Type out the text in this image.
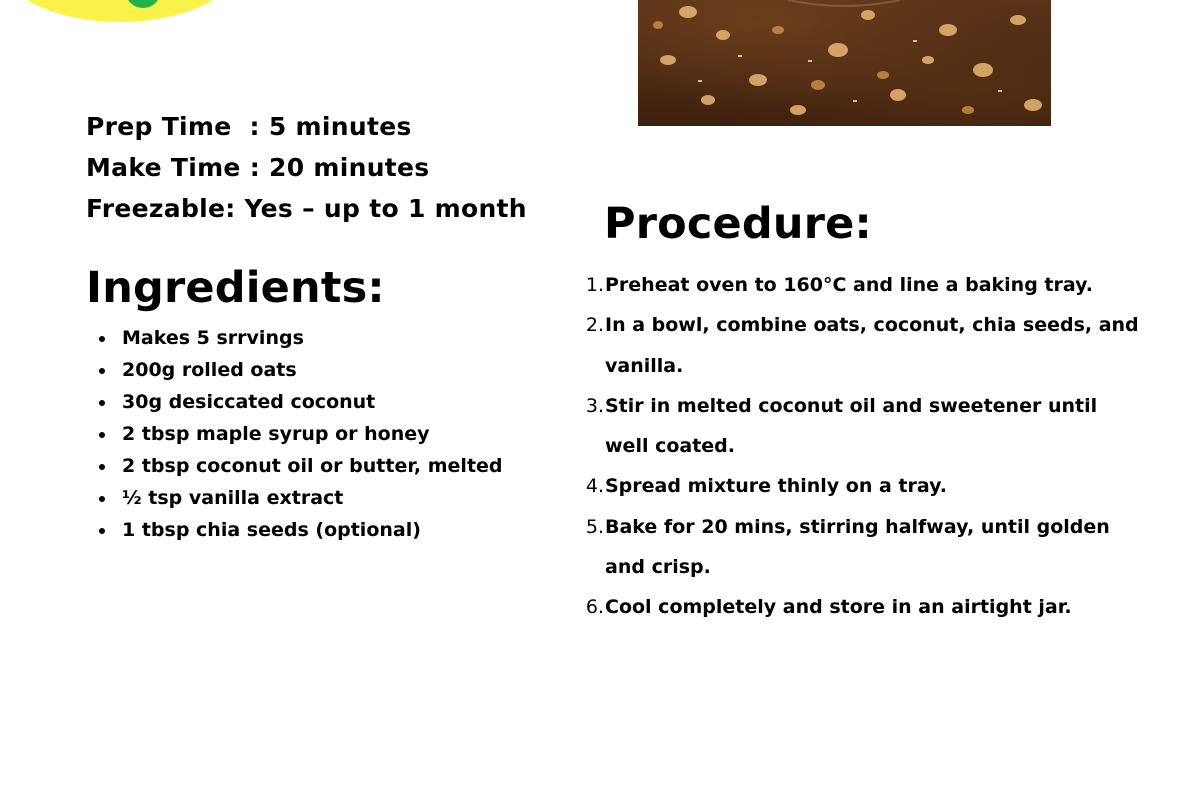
Prep Time  : 5 minutes
Make Time : 20 minutes
Freezable: Yes – up to 1 month
Ingredients:
Makes 5 srrvings
200g rolled oats
30g desiccated coconut
2 tbsp maple syrup or honey
2 tbsp coconut oil or butter, melted
½ tsp vanilla extract
1 tbsp chia seeds (optional)
Procedure:
1. Preheat oven to 160°C and line a baking tray.
2. In a bowl, combine oats, coconut, chia seeds, and vanilla.
3. Stir in melted coconut oil and sweetener until well coated.
4. Spread mixture thinly on a tray.
5. Bake for 20 mins, stirring halfway, until golden and crisp.
6. Cool completely and store in an airtight jar.
